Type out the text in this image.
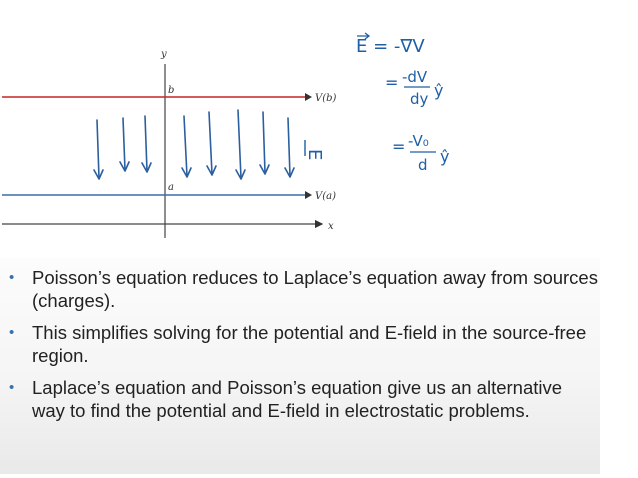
y
x
V(b)
b
V(a)
a
E
E = -∇V
= -dV
dy ŷ
= -V₀
d ŷ
• Poisson’s equation reduces to Laplace’s equation away from sources (charges).
• This simplifies solving for the potential and E-field in the source-free region.
• Laplace’s equation and Poisson’s equation give us an alternative way to find the potential and E-field in electrostatic problems.
